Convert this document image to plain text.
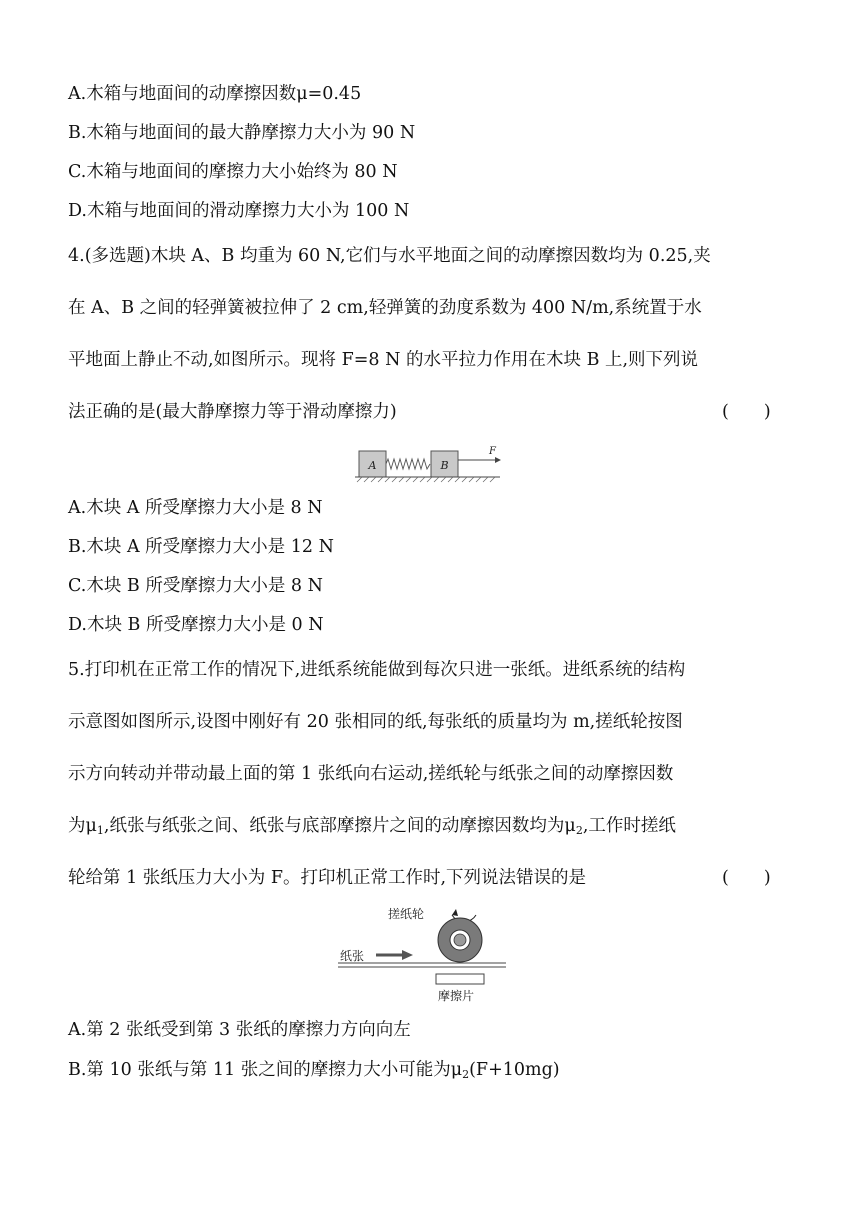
A.木箱与地面间的动摩擦因数μ=0.45
B.木箱与地面间的最大静摩擦力大小为 90 N
C.木箱与地面间的摩擦力大小始终为 80 N
D.木箱与地面间的滑动摩擦力大小为 100 N
4.(多选题)木块 A、B 均重为 60 N,它们与水平地面之间的动摩擦因数均为 0.25,夹
在 A、B 之间的轻弹簧被拉伸了 2 cm,轻弹簧的劲度系数为 400 N/m,系统置于水
平地面上静止不动,如图所示。现将 F=8 N 的水平拉力作用在木块 B 上,则下列说
法正确的是(最大静摩擦力等于滑动摩擦力)	(　　)
A	B
F
A.木块 A 所受摩擦力大小是 8 N
B.木块 A 所受摩擦力大小是 12 N
C.木块 B 所受摩擦力大小是 8 N
D.木块 B 所受摩擦力大小是 0 N
5.打印机在正常工作的情况下,进纸系统能做到每次只进一张纸。进纸系统的结构
示意图如图所示,设图中刚好有 20 张相同的纸,每张纸的质量均为 m,搓纸轮按图
示方向转动并带动最上面的第 1 张纸向右运动,搓纸轮与纸张之间的动摩擦因数
为$\mu_1$,纸张与纸张之间、纸张与底部摩擦片之间的动摩擦因数均为$\mu_2$,工作时搓纸
轮给第 1 张纸压力大小为 F。打印机正常工作时,下列说法错误的是	(　　)
搓纸轮
纸张
摩擦片
A.第 2 张纸受到第 3 张纸的摩擦力方向向左
B.第 10 张纸与第 11 张之间的摩擦力大小可能为$\mu_2(F+10mg)$
